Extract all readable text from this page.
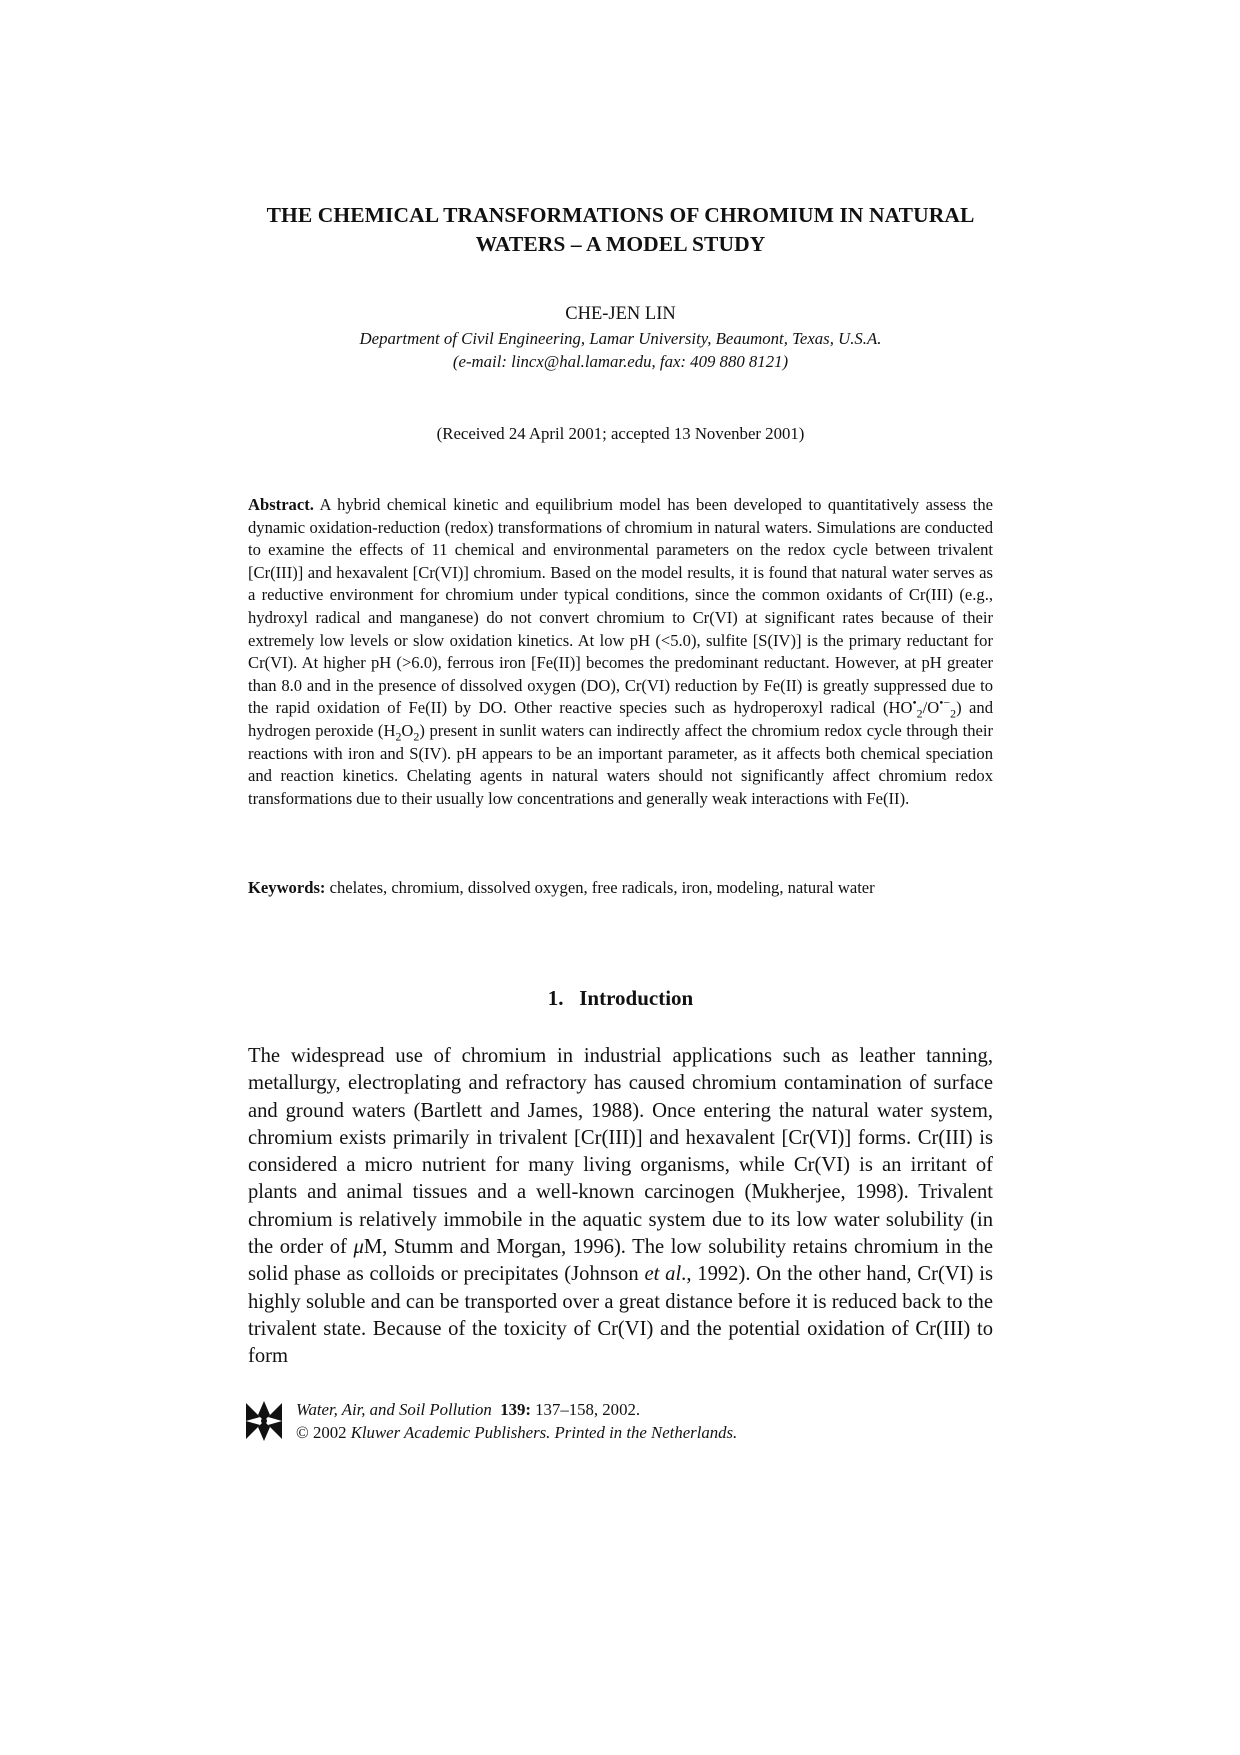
THE CHEMICAL TRANSFORMATIONS OF CHROMIUM IN NATURAL
WATERS – A MODEL STUDY
CHE-JEN LIN
Department of Civil Engineering, Lamar University, Beaumont, Texas, U.S.A.
(e-mail: lincx@hal.lamar.edu, fax: 409 880 8121)
(Received 24 April 2001; accepted 13 Novenber 2001)

Abstract. A hybrid chemical kinetic and equilibrium model has been developed to quantitatively assess the dynamic oxidation-reduction (redox) transformations of chromium in natural waters. Simulations are conducted to examine the effects of 11 chemical and environmental parameters on the redox cycle between trivalent [Cr(III)] and hexavalent [Cr(VI)] chromium. Based on the model results, it is found that natural water serves as a reductive environment for chromium under typical conditions, since the common oxidants of Cr(III) (e.g., hydroxyl radical and manganese) do not convert chromium to Cr(VI) at significant rates because of their extremely low levels or slow oxidation kinetics. At low pH (<5.0), sulfite [S(IV)] is the primary reductant for Cr(VI). At higher pH (>6.0), ferrous iron [Fe(II)] becomes the predominant reductant. However, at pH greater than 8.0 and in the presence of dissolved oxygen (DO), Cr(VI) reduction by Fe(II) is greatly suppressed due to the rapid oxidation of Fe(II) by DO. Other reactive species such as hydroperoxyl radical $(HO^•_2/O^{•-}_2)$ and hydrogen peroxide $(H_2O_2)$ present in sunlit waters can indirectly affect the chromium redox cycle through their reactions with iron and S(IV). pH appears to be an important parameter, as it affects both chemical speciation and reaction kinetics. Chelating agents in natural waters should not significantly affect chromium redox transformations due to their usually low concentrations and generally weak interactions with Fe(II).

Keywords: chelates, chromium, dissolved oxygen, free radicals, iron, modeling, natural water

1.   Introduction

The widespread use of chromium in industrial applications such as leather tanning, metallurgy, electroplating and refractory has caused chromium contamination of surface and ground waters (Bartlett and James, 1988). Once entering the natural water system, chromium exists primarily in trivalent [Cr(III)] and hexavalent [Cr(VI)] forms. Cr(III) is considered a micro nutrient for many living organisms, while Cr(VI) is an irritant of plants and animal tissues and a well-known carcinogen (Mukherjee, 1998). Trivalent chromium is relatively immobile in the aquatic system due to its low water solubility (in the order of μM, Stumm and Morgan, 1996). The low solubility retains chromium in the solid phase as colloids or precipitates (Johnson et al., 1992). On the other hand, Cr(VI) is highly soluble and can be transported over a great distance before it is reduced back to the trivalent state. Because of the toxicity of Cr(VI) and the potential oxidation of Cr(III) to form

Water, Air, and Soil Pollution 139: 137–158, 2002.
© 2002 Kluwer Academic Publishers. Printed in the Netherlands.
